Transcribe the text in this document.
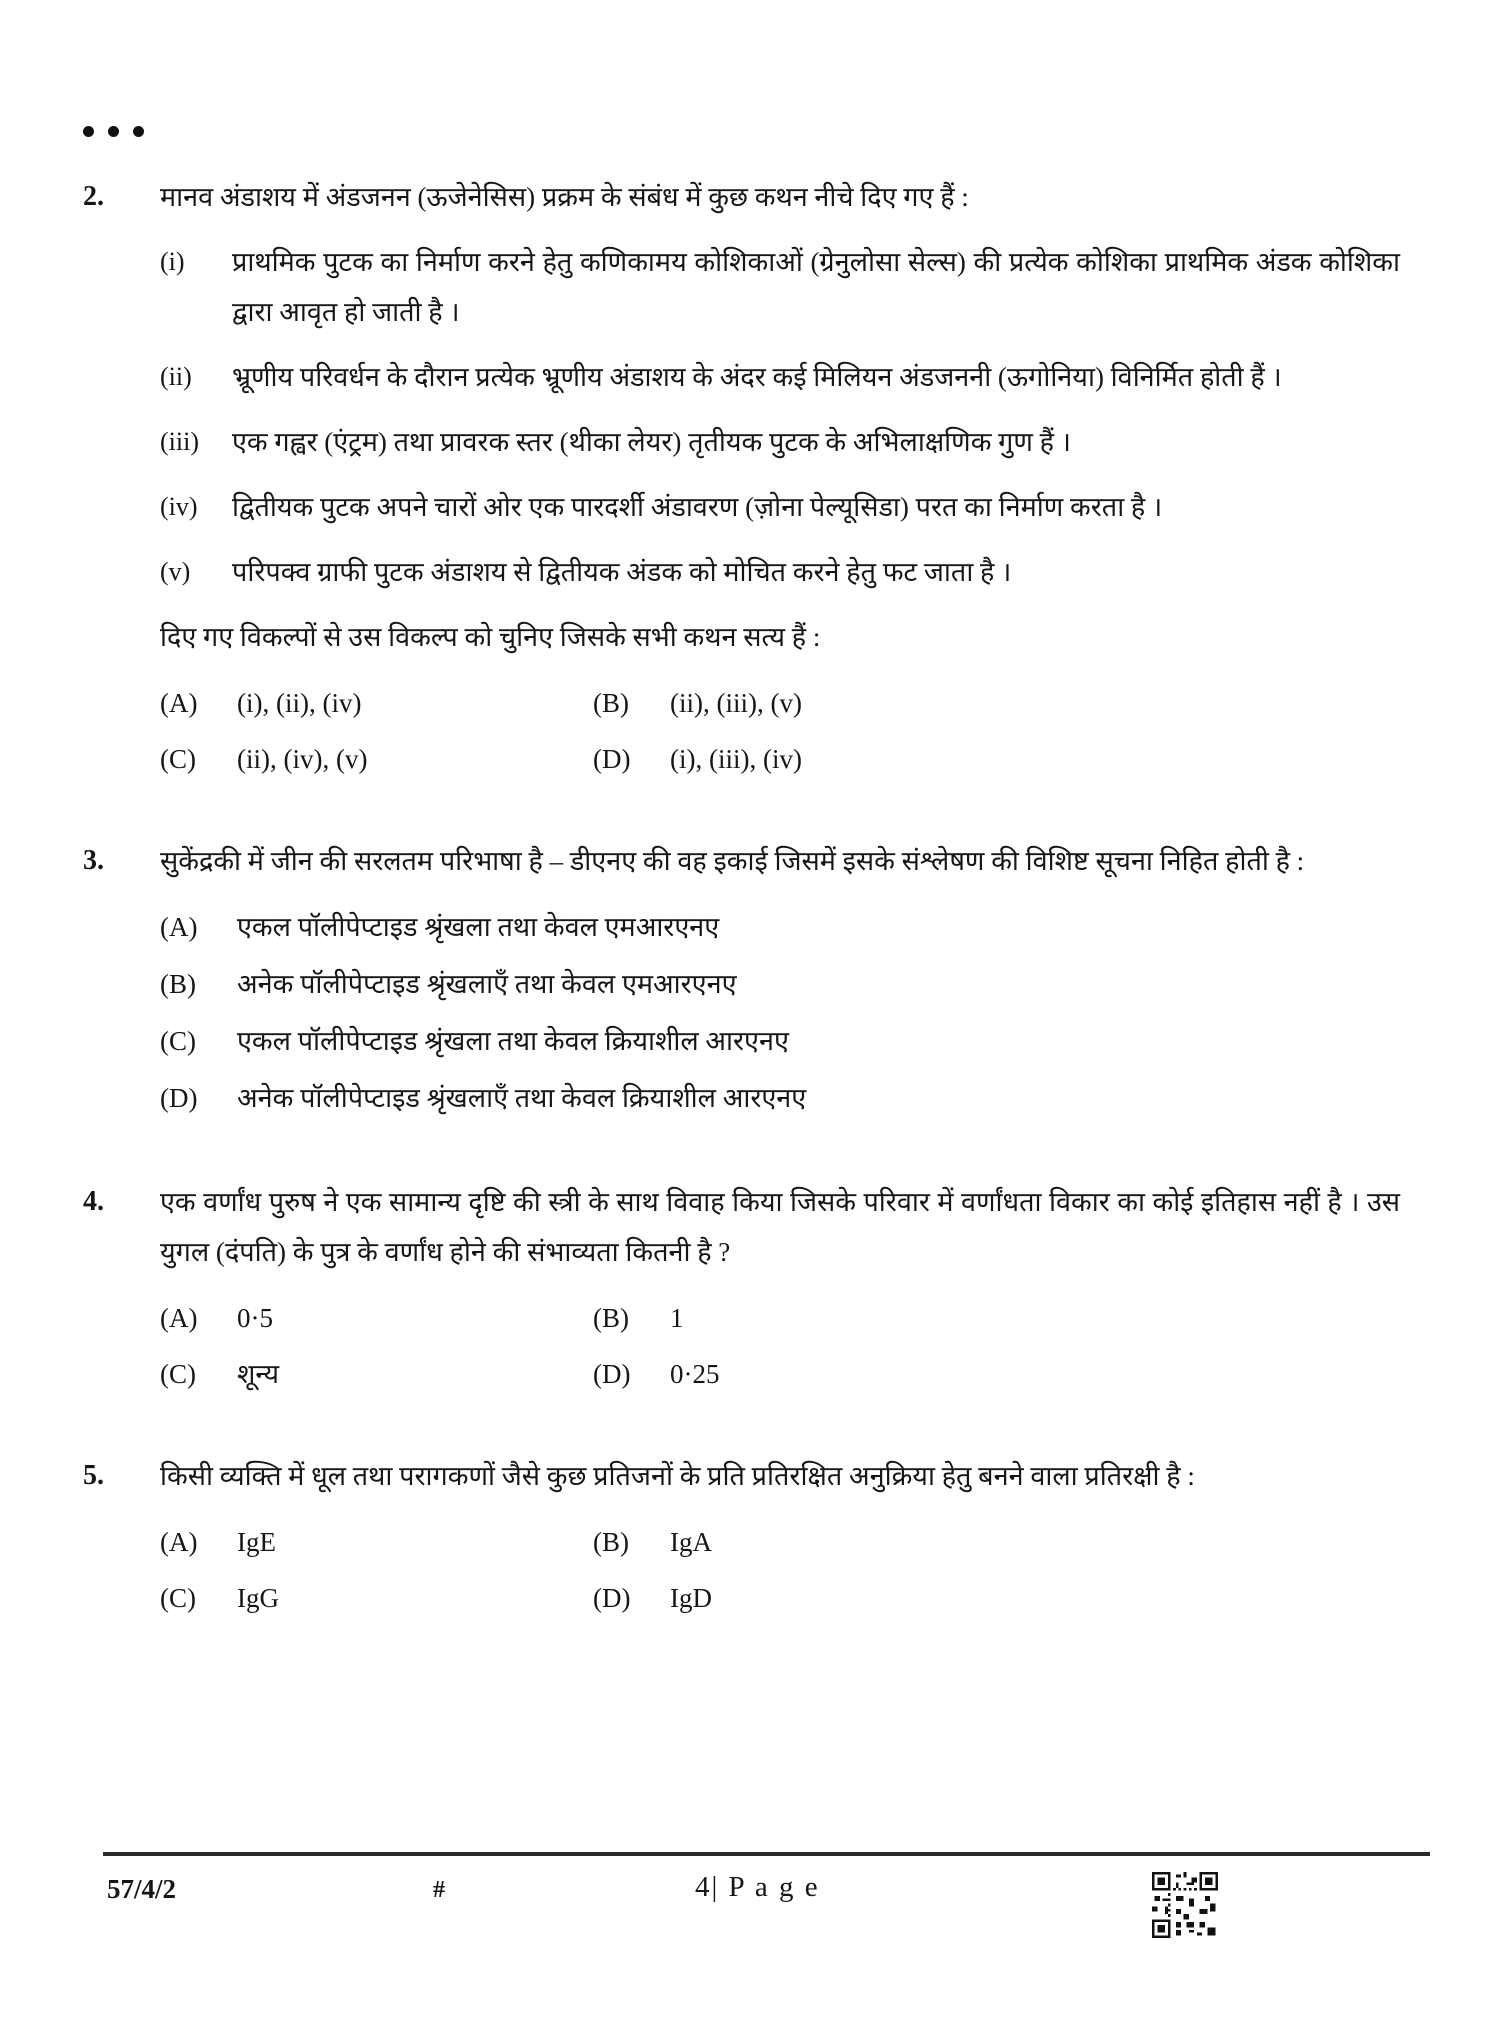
2.	मानव अंडाशय में अंडजनन (ऊजेनेसिस) प्रक्रम के संबंध में कुछ कथन नीचे दिए गए हैं :

(i)	प्राथमिक पुटक का निर्माण करने हेतु कणिकामय कोशिकाओं (ग्रेनुलोसा सेल्स) की प्रत्येक कोशिका प्राथमिक अंडक कोशिका द्वारा आवृत हो जाती है ।

(ii)	भ्रूणीय परिवर्धन के दौरान प्रत्येक भ्रूणीय अंडाशय के अंदर कई मिलियन अंडजननी (ऊगोनिया) विनिर्मित होती हैं ।

(iii)	एक गह्वर (एंट्रम) तथा प्रावरक स्तर (थीका लेयर) तृतीयक पुटक के अभिलाक्षणिक गुण हैं ।

(iv)	द्वितीयक पुटक अपने चारों ओर एक पारदर्शी अंडावरण (ज़ोना पेल्यूसिडा) परत का निर्माण करता है ।

(v)	परिपक्व ग्राफी पुटक अंडाशय से द्वितीयक अंडक को मोचित करने हेतु फट जाता है ।

दिए गए विकल्पों से उस विकल्प को चुनिए जिसके सभी कथन सत्य हैं :

(A)	(i), (ii), (iv)	(B)	(ii), (iii), (v)
(C)	(ii), (iv), (v)	(D)	(i), (iii), (iv)
3.	सुकेंद्रकी में जीन की सरलतम परिभाषा है – डीएनए की वह इकाई जिसमें इसके संश्लेषण की विशिष्ट सूचना निहित होती है :

(A)	एकल पॉलीपेप्टाइड श्रृंखला तथा केवल एमआरएनए
(B)	अनेक पॉलीपेप्टाइड श्रृंखलाएँ तथा केवल एमआरएनए
(C)	एकल पॉलीपेप्टाइड श्रृंखला तथा केवल क्रियाशील आरएनए
(D)	अनेक पॉलीपेप्टाइड श्रृंखलाएँ तथा केवल क्रियाशील आरएनए
4.	एक वर्णांध पुरुष ने एक सामान्य दृष्टि की स्त्री के साथ विवाह किया जिसके परिवार में वर्णांधता विकार का कोई इतिहास नहीं है । उस युगल (दंपति) के पुत्र के वर्णांध होने की संभाव्यता कितनी है ?

(A)	0·5	(B)	1
(C)	शून्य	(D)	0·25
5.	किसी व्यक्ति में धूल तथा परागकणों जैसे कुछ प्रतिजनों के प्रति प्रतिरक्षित अनुक्रिया हेतु बनने वाला प्रतिरक्षी है :

(A)	IgE	(B)	IgA
(C)	IgG	(D)	IgD
57/4/2	#	4| P a g e
